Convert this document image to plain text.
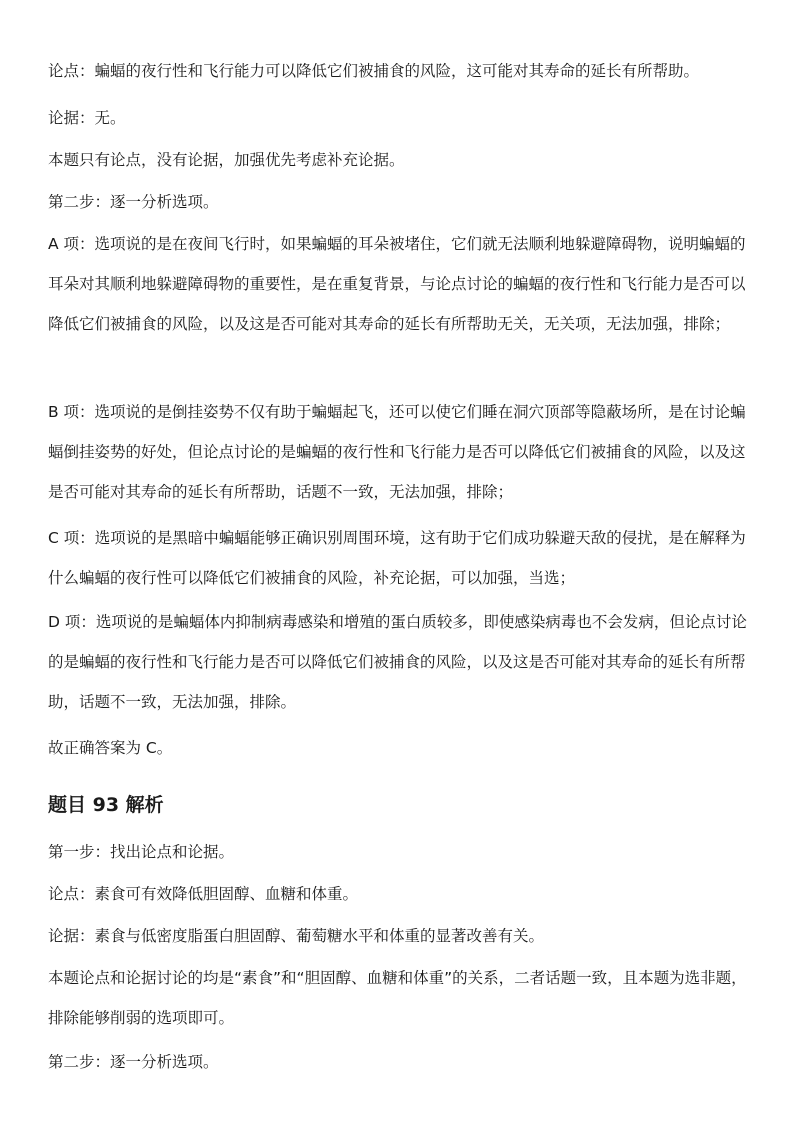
论点：蝙蝠的夜行性和飞行能力可以降低它们被捕食的风险，这可能对其寿命的延长有所帮助。
论据：无。
本题只有论点，没有论据，加强优先考虑补充论据。
第二步：逐一分析选项。
A 项：选项说的是在夜间飞行时，如果蝙蝠的耳朵被堵住，它们就无法顺利地躲避障碍物，说明蝙蝠的耳朵对其顺利地躲避障碍物的重要性，是在重复背景，与论点讨论的蝙蝠的夜行性和飞行能力是否可以降低它们被捕食的风险，以及这是否可能对其寿命的延长有所帮助无关，无关项，无法加强，排除；
B 项：选项说的是倒挂姿势不仅有助于蝙蝠起飞，还可以使它们睡在洞穴顶部等隐蔽场所，是在讨论蝙蝠倒挂姿势的好处，但论点讨论的是蝙蝠的夜行性和飞行能力是否可以降低它们被捕食的风险，以及这是否可能对其寿命的延长有所帮助，话题不一致，无法加强，排除；
C 项：选项说的是黑暗中蝙蝠能够正确识别周围环境，这有助于它们成功躲避天敌的侵扰，是在解释为什么蝙蝠的夜行性可以降低它们被捕食的风险，补充论据，可以加强，当选；
D 项：选项说的是蝙蝠体内抑制病毒感染和增殖的蛋白质较多，即使感染病毒也不会发病，但论点讨论的是蝙蝠的夜行性和飞行能力是否可以降低它们被捕食的风险，以及这是否可能对其寿命的延长有所帮助，话题不一致，无法加强，排除。
故正确答案为 C。
题目 93 解析
第一步：找出论点和论据。
论点：素食可有效降低胆固醇、血糖和体重。
论据：素食与低密度脂蛋白胆固醇、葡萄糖水平和体重的显著改善有关。
本题论点和论据讨论的均是“素食”和“胆固醇、血糖和体重”的关系，二者话题一致，且本题为选非题，排除能够削弱的选项即可。
第二步：逐一分析选项。
